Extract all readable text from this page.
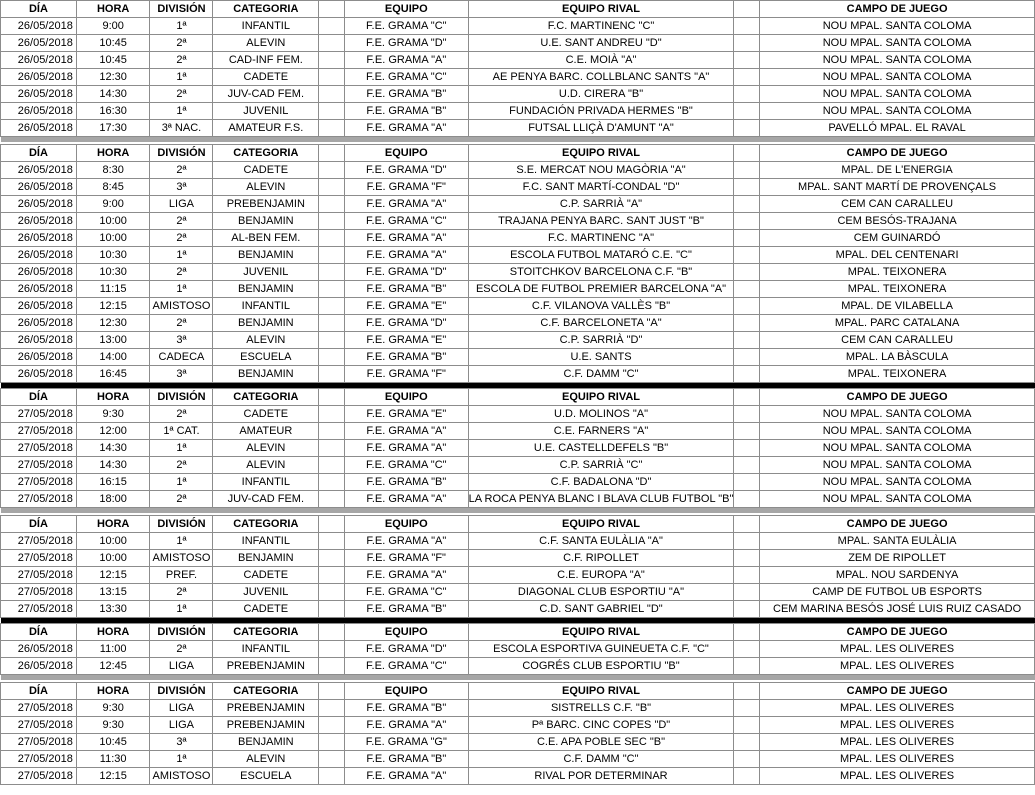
DÍA	HORA	DIVISIÓN	CATEGORIA		EQUIPO	EQUIPO RIVAL		CAMPO DE JUEGO
26/05/2018	9:00	1ª	INFANTIL		F.E. GRAMA "C"	F.C. MARTINENC "C"		NOU MPAL. SANTA COLOMA
26/05/2018	10:45	2ª	ALEVIN		F.E. GRAMA "D"	U.E. SANT ANDREU "D"		NOU MPAL. SANTA COLOMA
26/05/2018	10:45	2ª	CAD-INF FEM.		F.E. GRAMA "A"	C.E. MOIÀ "A"		NOU MPAL. SANTA COLOMA
26/05/2018	12:30	1ª	CADETE		F.E. GRAMA "C"	AE PENYA BARC. COLLBLANC SANTS "A"		NOU MPAL. SANTA COLOMA
26/05/2018	14:30	2ª	JUV-CAD FEM.		F.E. GRAMA "B"	U.D. CIRERA "B"		NOU MPAL. SANTA COLOMA
26/05/2018	16:30	1ª	JUVENIL		F.E. GRAMA "B"	FUNDACIÓN PRIVADA HERMES "B"		NOU MPAL. SANTA COLOMA
26/05/2018	17:30	3ª NAC.	AMATEUR F.S.		F.E. GRAMA "A"	FUTSAL LLIÇÀ D'AMUNT "A"		PAVELLÓ MPAL. EL RAVAL

DÍA	HORA	DIVISIÓN	CATEGORIA		EQUIPO	EQUIPO RIVAL		CAMPO DE JUEGO
26/05/2018	8:30	2ª	CADETE		F.E. GRAMA "D"	S.E. MERCAT NOU MAGÒRIA "A"		MPAL. DE L'ENERGIA
26/05/2018	8:45	3ª	ALEVIN		F.E. GRAMA "F"	F.C. SANT MARTÍ-CONDAL "D"		MPAL. SANT MARTÍ DE PROVENÇALS
26/05/2018	9:00	LIGA	PREBENJAMIN		F.E. GRAMA "A"	C.P. SARRIÀ "A"		CEM CAN CARALLEU
26/05/2018	10:00	2ª	BENJAMIN		F.E. GRAMA "C"	TRAJANA PENYA BARC. SANT JUST "B"		CEM BESÓS-TRAJANA
26/05/2018	10:00	2ª	AL-BEN FEM.		F.E. GRAMA "A"	F.C. MARTINENC "A"		CEM GUINARDÓ
26/05/2018	10:30	1ª	BENJAMIN		F.E. GRAMA "A"	ESCOLA FUTBOL MATARÓ C.E. "C"		MPAL. DEL CENTENARI
26/05/2018	10:30	2ª	JUVENIL		F.E. GRAMA "D"	STOITCHKOV BARCELONA C.F. "B"		MPAL. TEIXONERA
26/05/2018	11:15	1ª	BENJAMIN		F.E. GRAMA "B"	ESCOLA DE FUTBOL PREMIER BARCELONA "A"		MPAL. TEIXONERA
26/05/2018	12:15	AMISTOSO	INFANTIL		F.E. GRAMA "E"	C.F. VILANOVA VALLÈS "B"		MPAL. DE VILABELLA
26/05/2018	12:30	2ª	BENJAMIN		F.E. GRAMA "D"	C.F. BARCELONETA "A"		MPAL. PARC CATALANA
26/05/2018	13:00	3ª	ALEVIN		F.E. GRAMA "E"	C.P. SARRIÀ "D"		CEM CAN CARALLEU
26/05/2018	14:00	CADECA	ESCUELA		F.E. GRAMA "B"	U.E. SANTS		MPAL. LA BÀSCULA
26/05/2018	16:45	3ª	BENJAMIN		F.E. GRAMA "F"	C.F. DAMM "C"		MPAL. TEIXONERA

DÍA	HORA	DIVISIÓN	CATEGORIA		EQUIPO	EQUIPO RIVAL		CAMPO DE JUEGO
27/05/2018	9:30	2ª	CADETE		F.E. GRAMA "E"	U.D. MOLINOS "A"		NOU MPAL. SANTA COLOMA
27/05/2018	12:00	1ª CAT.	AMATEUR		F.E. GRAMA "A"	C.E. FARNERS "A"		NOU MPAL. SANTA COLOMA
27/05/2018	14:30	1ª	ALEVIN		F.E. GRAMA "A"	U.E. CASTELLDEFELS "B"		NOU MPAL. SANTA COLOMA
27/05/2018	14:30	2ª	ALEVIN		F.E. GRAMA "C"	C.P. SARRIÀ "C"		NOU MPAL. SANTA COLOMA
27/05/2018	16:15	1ª	INFANTIL		F.E. GRAMA "B"	C.F. BADALONA "D"		NOU MPAL. SANTA COLOMA
27/05/2018	18:00	2ª	JUV-CAD FEM.		F.E. GRAMA "A"	LA ROCA PENYA BLANC I BLAVA CLUB FUTBOL "B"		NOU MPAL. SANTA COLOMA

DÍA	HORA	DIVISIÓN	CATEGORIA		EQUIPO	EQUIPO RIVAL		CAMPO DE JUEGO
27/05/2018	10:00	1ª	INFANTIL		F.E. GRAMA "A"	C.F. SANTA EULÀLIA "A"		MPAL. SANTA EULÀLIA
27/05/2018	10:00	AMISTOSO	BENJAMIN		F.E. GRAMA "F"	C.F. RIPOLLET		ZEM DE RIPOLLET
27/05/2018	12:15	PREF.	CADETE		F.E. GRAMA "A"	C.E. EUROPA "A"		MPAL. NOU SARDENYA
27/05/2018	13:15	2ª	JUVENIL		F.E. GRAMA "C"	DIAGONAL CLUB ESPORTIU "A"		CAMP DE FUTBOL UB ESPORTS
27/05/2018	13:30	1ª	CADETE		F.E. GRAMA "B"	C.D. SANT GABRIEL "D"		CEM MARINA BESÓS JOSÉ LUIS RUIZ CASADO

DÍA	HORA	DIVISIÓN	CATEGORIA		EQUIPO	EQUIPO RIVAL		CAMPO DE JUEGO
26/05/2018	11:00	2ª	INFANTIL		F.E. GRAMA "D"	ESCOLA ESPORTIVA GUINEUETA C.F. "C"		MPAL. LES OLIVERES
26/05/2018	12:45	LIGA	PREBENJAMIN		F.E. GRAMA "C"	COGRÉS CLUB ESPORTIU "B"		MPAL. LES OLIVERES

DÍA	HORA	DIVISIÓN	CATEGORIA		EQUIPO	EQUIPO RIVAL		CAMPO DE JUEGO
27/05/2018	9:30	LIGA	PREBENJAMIN		F.E. GRAMA "B"	SISTRELLS C.F. "B"		MPAL. LES OLIVERES
27/05/2018	9:30	LIGA	PREBENJAMIN		F.E. GRAMA "A"	Pª BARC. CINC COPES "D"		MPAL. LES OLIVERES
27/05/2018	10:45	3ª	BENJAMIN		F.E. GRAMA "G"	C.E. APA POBLE SEC "B"		MPAL. LES OLIVERES
27/05/2018	11:30	1ª	ALEVIN		F.E. GRAMA "B"	C.F. DAMM "C"		MPAL. LES OLIVERES
27/05/2018	12:15	AMISTOSO	ESCUELA		F.E. GRAMA "A"	RIVAL POR DETERMINAR		MPAL. LES OLIVERES
